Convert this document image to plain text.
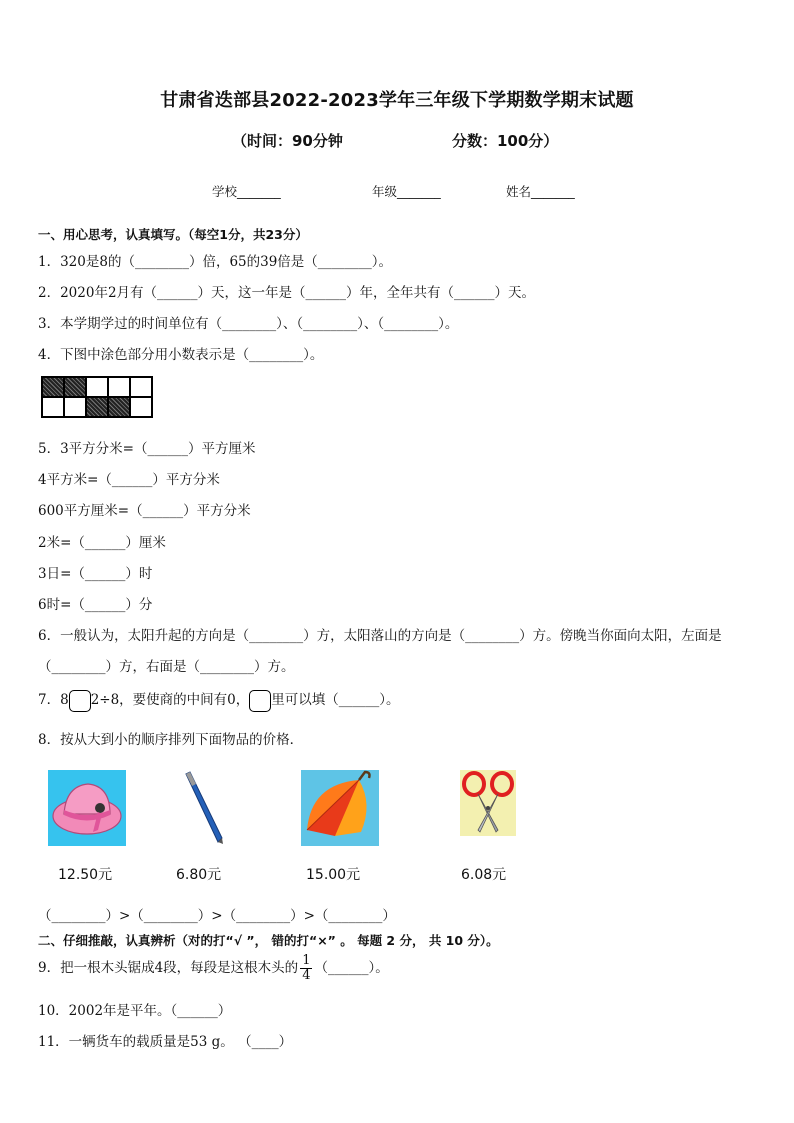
甘肃省迭部县2022-2023学年三年级下学期数学期末试题
（时间：90分钟	分数：100分）
学校_______	年级_______	姓名_______
一、用心思考，认真填写。（每空1分，共23分）
1．320是8的（________）倍，65的39倍是（________）。
2．2020年2月有（______）天，这一年是（______）年，全年共有（______）天。
3．本学期学过的时间单位有（________）、（________）、（________）。
4．下图中涂色部分用小数表示是（________）。
5．3平方分米=（______）平方厘米
4平方米=（______）平方分米
600平方厘米=（______）平方分米
2米=（______）厘米
3日=（______）时
6时=（______）分
6．一般认为，太阳升起的方向是（________）方，太阳落山的方向是（________）方。傍晚当你面向太阳，左面是
（________）方，右面是（________）方。
7．8 2÷8，要使商的中间有0， 里可以填（______）。
8．按从大到小的顺序排列下面物品的价格．
12.50元	6.80元	15.00元	6.08元
（________）>（________）>（________）>（________）
二、仔细推敲，认真辨析（对的打“√ ”， 错的打“×” 。 每题 2 分， 共 10 分）。
9．把一根木头锯成4段，每段是这根木头的 $\frac{1}{4}$ （______）。
10．2002年是平年。（______）
11．一辆货车的载质量是53 g。 （____）
